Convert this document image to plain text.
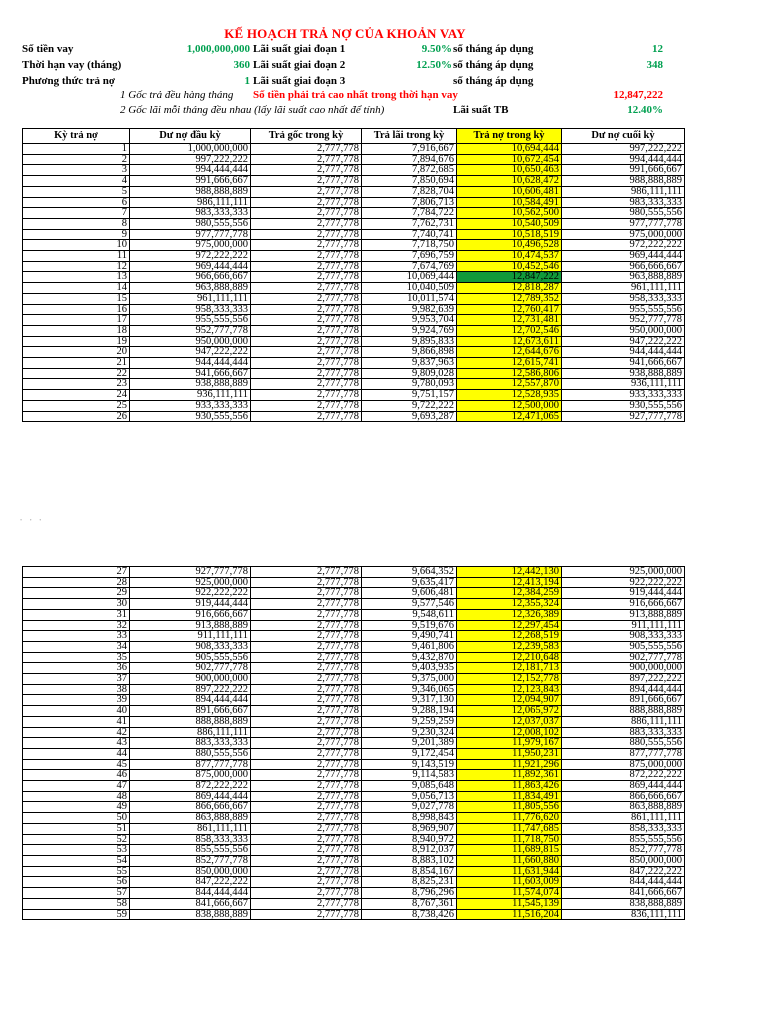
KẾ HOẠCH TRẢ NỢ CỦA KHOẢN VAY
Số tiền vay	1,000,000,000 Lãi suất giai đoạn 1	9.50% số tháng áp dụng	12
Thời hạn vay (tháng)	360 Lãi suất giai đoạn 2	12.50% số tháng áp dụng	348
Phương thức trả nợ	1 Lãi suất giai đoạn 3	số tháng áp dụng
1 Gốc trả đều hàng tháng Số tiền phải trả cao nhất trong thời hạn vay	12,847,222
2 Gốc lãi mỗi tháng đều nhau (lấy lãi suất cao nhất để tính)	Lãi suất TB	12.40%
Kỳ trả nợ	Dư nợ đầu kỳ	Trả gốc trong kỳ	Trả lãi trong kỳ	Trả nợ trong kỳ	Dư nợ cuối kỳ
1	1,000,000,000	2,777,778	7,916,667	10,694,444	997,222,222
2	997,222,222	2,777,778	7,894,676	10,672,454	994,444,444
3	994,444,444	2,777,778	7,872,685	10,650,463	991,666,667
4	991,666,667	2,777,778	7,850,694	10,628,472	988,888,889
5	988,888,889	2,777,778	7,828,704	10,606,481	986,111,111
6	986,111,111	2,777,778	7,806,713	10,584,491	983,333,333
7	983,333,333	2,777,778	7,784,722	10,562,500	980,555,556
8	980,555,556	2,777,778	7,762,731	10,540,509	977,777,778
9	977,777,778	2,777,778	7,740,741	10,518,519	975,000,000
10	975,000,000	2,777,778	7,718,750	10,496,528	972,222,222
11	972,222,222	2,777,778	7,696,759	10,474,537	969,444,444
12	969,444,444	2,777,778	7,674,769	10,452,546	966,666,667
13	966,666,667	2,777,778	10,069,444	12,847,222	963,888,889
14	963,888,889	2,777,778	10,040,509	12,818,287	961,111,111
15	961,111,111	2,777,778	10,011,574	12,789,352	958,333,333
16	958,333,333	2,777,778	9,982,639	12,760,417	955,555,556
17	955,555,556	2,777,778	9,953,704	12,731,481	952,777,778
18	952,777,778	2,777,778	9,924,769	12,702,546	950,000,000
19	950,000,000	2,777,778	9,895,833	12,673,611	947,222,222
20	947,222,222	2,777,778	9,866,898	12,644,676	944,444,444
21	944,444,444	2,777,778	9,837,963	12,615,741	941,666,667
22	941,666,667	2,777,778	9,809,028	12,586,806	938,888,889
23	938,888,889	2,777,778	9,780,093	12,557,870	936,111,111
24	936,111,111	2,777,778	9,751,157	12,528,935	933,333,333
25	933,333,333	2,777,778	9,722,222	12,500,000	930,555,556
26	930,555,556	2,777,778	9,693,287	12,471,065	927,777,778
• • •
27	927,777,778	2,777,778	9,664,352	12,442,130	925,000,000
28	925,000,000	2,777,778	9,635,417	12,413,194	922,222,222
29	922,222,222	2,777,778	9,606,481	12,384,259	919,444,444
30	919,444,444	2,777,778	9,577,546	12,355,324	916,666,667
31	916,666,667	2,777,778	9,548,611	12,326,389	913,888,889
32	913,888,889	2,777,778	9,519,676	12,297,454	911,111,111
33	911,111,111	2,777,778	9,490,741	12,268,519	908,333,333
34	908,333,333	2,777,778	9,461,806	12,239,583	905,555,556
35	905,555,556	2,777,778	9,432,870	12,210,648	902,777,778
36	902,777,778	2,777,778	9,403,935	12,181,713	900,000,000
37	900,000,000	2,777,778	9,375,000	12,152,778	897,222,222
38	897,222,222	2,777,778	9,346,065	12,123,843	894,444,444
39	894,444,444	2,777,778	9,317,130	12,094,907	891,666,667
40	891,666,667	2,777,778	9,288,194	12,065,972	888,888,889
41	888,888,889	2,777,778	9,259,259	12,037,037	886,111,111
42	886,111,111	2,777,778	9,230,324	12,008,102	883,333,333
43	883,333,333	2,777,778	9,201,389	11,979,167	880,555,556
44	880,555,556	2,777,778	9,172,454	11,950,231	877,777,778
45	877,777,778	2,777,778	9,143,519	11,921,296	875,000,000
46	875,000,000	2,777,778	9,114,583	11,892,361	872,222,222
47	872,222,222	2,777,778	9,085,648	11,863,426	869,444,444
48	869,444,444	2,777,778	9,056,713	11,834,491	866,666,667
49	866,666,667	2,777,778	9,027,778	11,805,556	863,888,889
50	863,888,889	2,777,778	8,998,843	11,776,620	861,111,111
51	861,111,111	2,777,778	8,969,907	11,747,685	858,333,333
52	858,333,333	2,777,778	8,940,972	11,718,750	855,555,556
53	855,555,556	2,777,778	8,912,037	11,689,815	852,777,778
54	852,777,778	2,777,778	8,883,102	11,660,880	850,000,000
55	850,000,000	2,777,778	8,854,167	11,631,944	847,222,222
56	847,222,222	2,777,778	8,825,231	11,603,009	844,444,444
57	844,444,444	2,777,778	8,796,296	11,574,074	841,666,667
58	841,666,667	2,777,778	8,767,361	11,545,139	838,888,889
59	838,888,889	2,777,778	8,738,426	11,516,204	836,111,111
